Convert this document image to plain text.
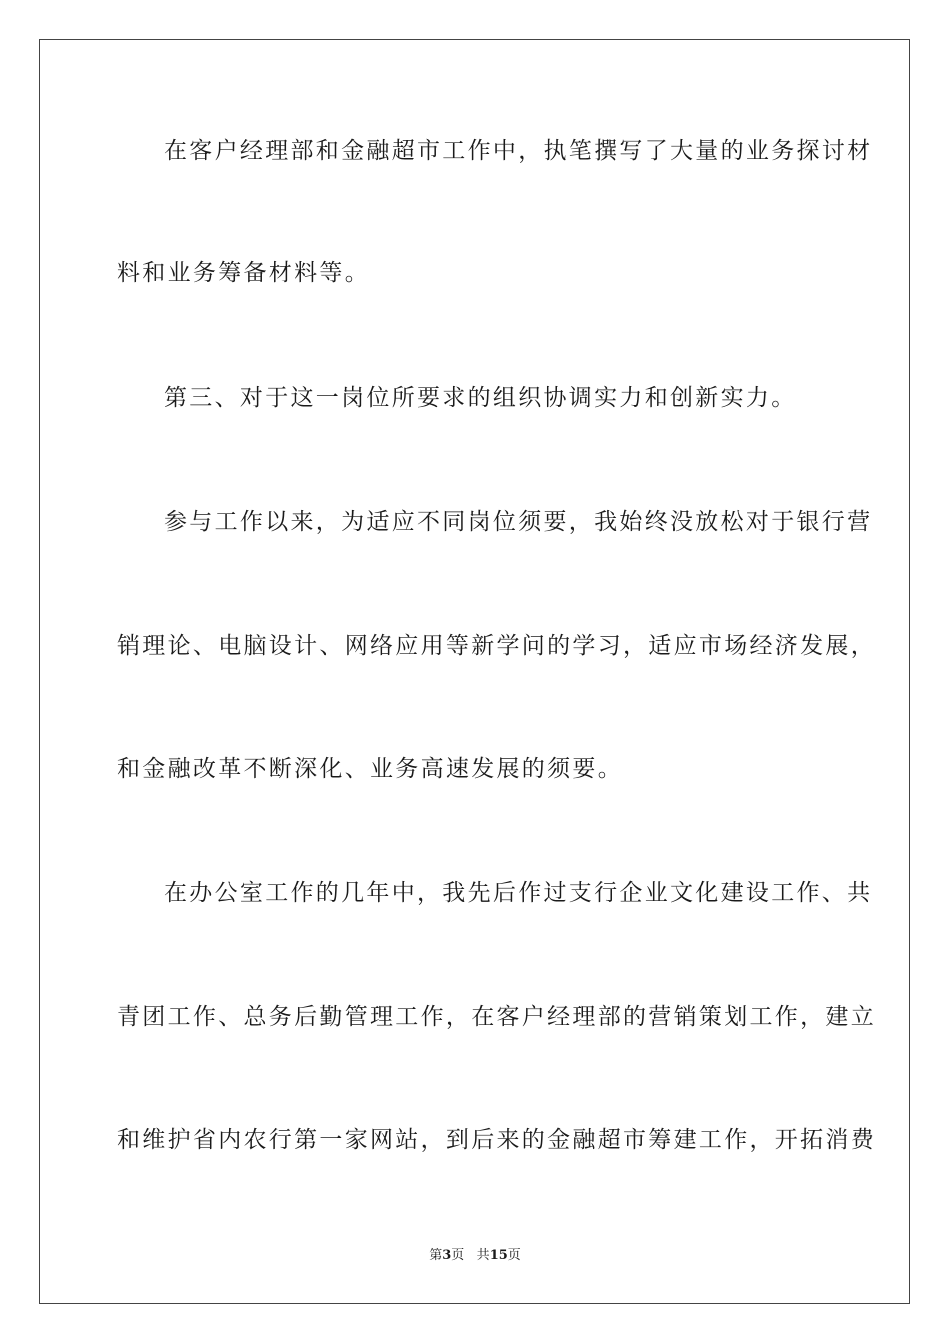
在客户经理部和金融超市工作中，执笔撰写了大量的业务探讨材

料和业务筹备材料等。

第三、对于这一岗位所要求的组织协调实力和创新实力。

参与工作以来，为适应不同岗位须要，我始终没放松对于银行营

销理论、电脑设计、网络应用等新学问的学习，适应市场经济发展，

和金融改革不断深化、业务高速发展的须要。

在办公室工作的几年中，我先后作过支行企业文化建设工作、共

青团工作、总务后勤管理工作，在客户经理部的营销策划工作，建立

和维护省内农行第一家网站，到后来的金融超市筹建工作，开拓消费

第3页 共15页
